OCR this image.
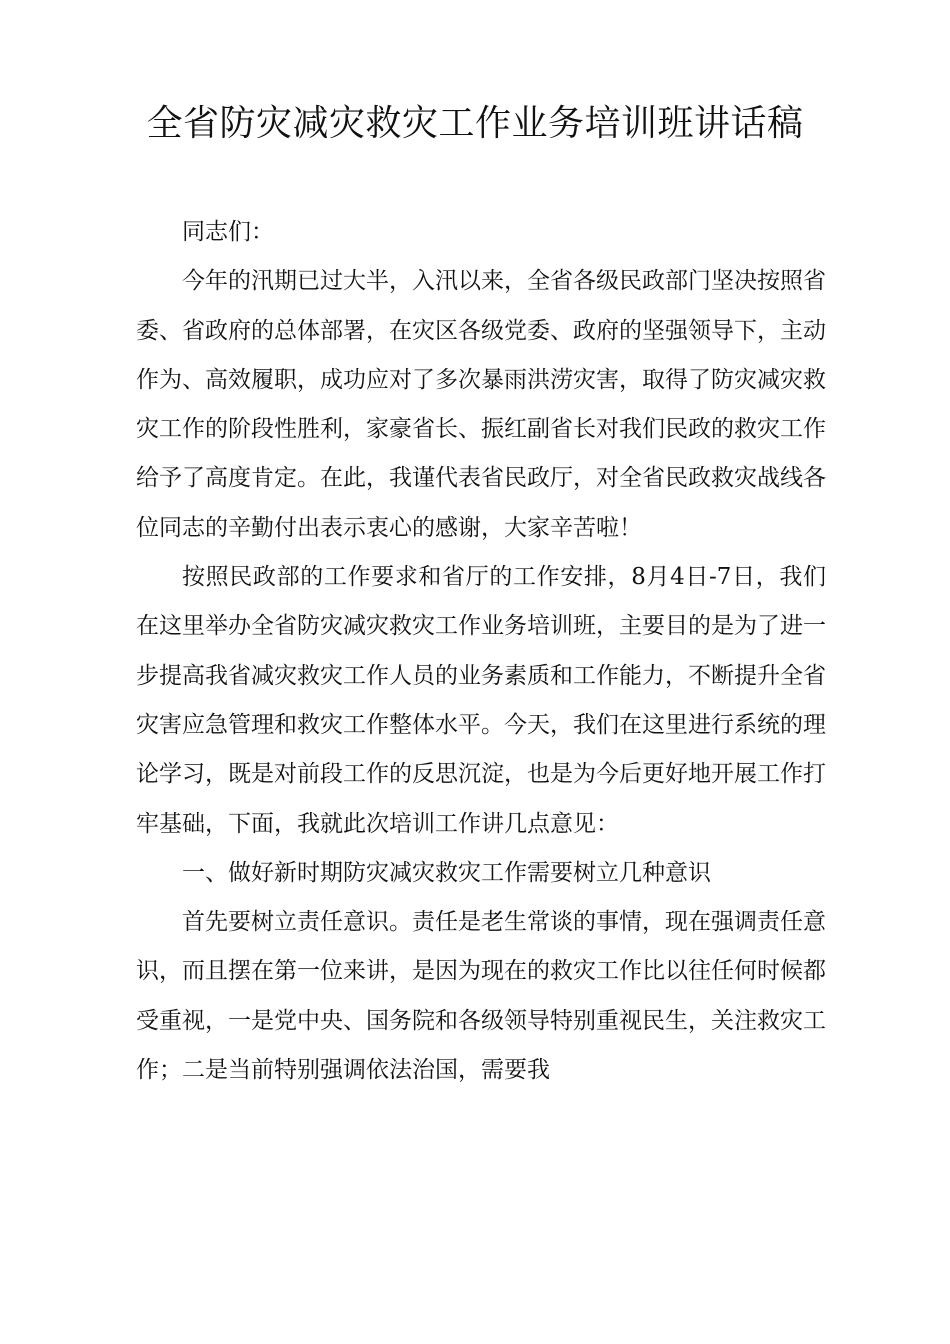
全省防灾减灾救灾工作业务培训班讲话稿

同志们：

今年的汛期已过大半，入汛以来，全省各级民政部门坚决按照省委、省政府的总体部署，在灾区各级党委、政府的坚强领导下，主动作为、高效履职，成功应对了多次暴雨洪涝灾害，取得了防灾减灾救灾工作的阶段性胜利，家豪省长、振红副省长对我们民政的救灾工作给予了高度肯定。在此，我谨代表省民政厅，对全省民政救灾战线各位同志的辛勤付出表示衷心的感谢，大家辛苦啦！

按照民政部的工作要求和省厅的工作安排，8月4日-7日，我们在这里举办全省防灾减灾救灾工作业务培训班，主要目的是为了进一步提高我省减灾救灾工作人员的业务素质和工作能力，不断提升全省灾害应急管理和救灾工作整体水平。今天，我们在这里进行系统的理论学习，既是对前段工作的反思沉淀，也是为今后更好地开展工作打牢基础，下面，我就此次培训工作讲几点意见：

一、做好新时期防灾减灾救灾工作需要树立几种意识

首先要树立责任意识。责任是老生常谈的事情，现在强调责任意识，而且摆在第一位来讲，是因为现在的救灾工作比以往任何时候都受重视，一是党中央、国务院和各级领导特别重视民生，关注救灾工作；二是当前特别强调依法治国，需要我
